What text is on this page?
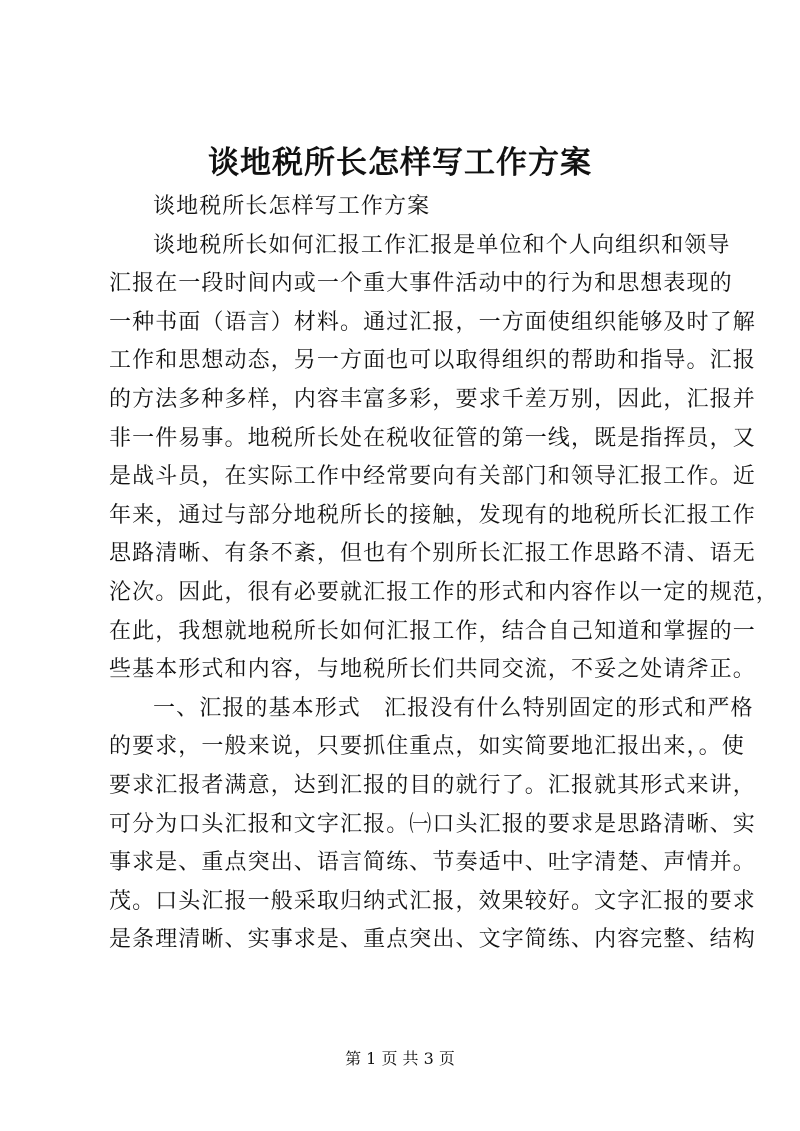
谈地税所长怎样写工作方案
谈地税所长怎样写工作方案
谈地税所长如何汇报工作汇报是单位和个人向组织和领导
汇报在一段时间内或一个重大事件活动中的行为和思想表现的
一种书面（语言）材料。通过汇报，一方面使组织能够及时了解
工作和思想动态，另一方面也可以取得组织的帮助和指导。汇报
的方法多种多样，内容丰富多彩，要求千差万别，因此，汇报并
非一件易事。地税所长处在税收征管的第一线，既是指挥员，又
是战斗员，在实际工作中经常要向有关部门和领导汇报工作。近
年来，通过与部分地税所长的接触，发现有的地税所长汇报工作
思路清晰、有条不紊，但也有个别所长汇报工作思路不清、语无
沦次。因此，很有必要就汇报工作的形式和内容作以一定的规范，
在此，我想就地税所长如何汇报工作，结合自己知道和掌握的一
些基本形式和内容，与地税所长们共同交流，不妥之处请斧正。
一、汇报的基本形式　汇报没有什么特别固定的形式和严格
的要求，一般来说，只要抓住重点，如实简要地汇报出来，。使
要求汇报者满意，达到汇报的目的就行了。汇报就其形式来讲，
可分为口头汇报和文字汇报。㈠口头汇报的要求是思路清晰、实
事求是、重点突出、语言简练、节奏适中、吐字清楚、声情并。
茂。口头汇报一般采取归纳式汇报，效果较好。文字汇报的要求
是条理清晰、实事求是、重点突出、文字简练、内容完整、结构
第 1 页 共 3 页
